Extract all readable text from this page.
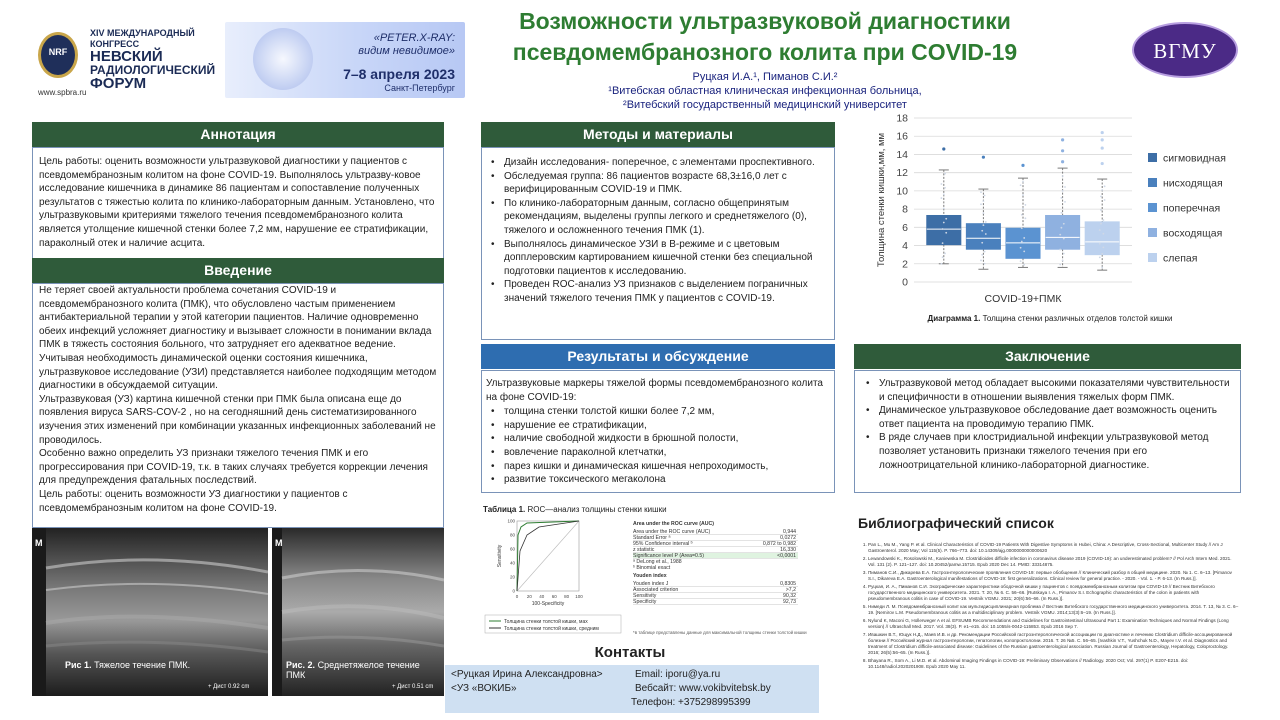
NRF
XIV МЕЖДУНАРОДНЫЙ КОНГРЕСС
НЕВСКИЙ
РАДИОЛОГИЧЕСКИЙ
ФОРУМ
www.spbra.ru
«PETER.X-RAY:
видим невидимое»
7–8 апреля 2023
Санкт-Петербург
Возможности ультразвуковой диагностики
псевдомембранозного колита при COVID-19
Руцкая И.А.¹, Пиманов С.И.²
¹Витебская областная клиническая инфекционная больница,
²Витебский государственный медицинский университет
ВГМУ
Аннотация
Цель работы: оценить возможности ультразвуковой диагностики у пациентов с псевдомембранозным колитом на фоне COVID-19. Выполнялось ультразву-ковое исследование кишечника в динамике 86 пациентам и сопоставление полученных результатов с тяжестью колита по клинико-лабораторным данным. Установлено, что ультразвуковыми критериями тяжелого течения псевдомембранозного колита является утолщение кишечной стенки более 7,2 мм, нарушение ее стратификации, параколный отек и наличие асцита.
Введение
Не теряет своей актуальности проблема сочетания COVID-19 и псевдомембранозного колита (ПМК), что обусловлено частым применением антибактериальной терапии у этой категории пациентов. Наличие одновременно обеих инфекций усложняет диагностику и вызывает сложности в понимании вклада ПМК в тяжесть состояния больного, что затрудняет его адекватное ведение. Учитывая необходимость динамической оценки состояния кишечника, ультразвуковое исследование (УЗИ) представляется наиболее подходящим методом диагностики в обсуждаемой ситуации.
Ультразвуковая (УЗ) картина кишечной стенки при ПМК была описана еще до появления вируса SARS-COV-2 , но на сегодняшний день систематизированного изучения этих изменений при комбинации указанных инфекционных заболеваний не проводилось.
Особенно важно определить УЗ признаки тяжелого течения ПМК и его прогрессирования при COVID-19, т.к. в таких случаях требуется коррекции лечения для предупреждения фатальных последствий.
Цель работы: оценить возможности УЗ диагностики у пациентов с псевдомембранозным колитом на фоне COVID-19.
M
Рис 1. Тяжелое течение ПМК.
+ Дист 0.92 cm
M
Рис. 2. Среднетяжелое течение ПМК
+ Дист 0.51 cm
Методы и материалы
• Дизайн исследования- поперечное, с элементами проспективного.
• Обследуемая группа: 86 пациентов возрасте 68,3±16,0 лет с верифицированным COVID-19 и ПМК.
• По клинико-лабораторным данным, согласно общепринятым рекомендациям, выделены группы легкого и среднетяжелого (0), тяжелого и осложненного течения ПМК (1).
• Выполнялось динамическое УЗИ в В-режиме и с цветовым допплеровским картированием кишечной стенки без специальной подготовки пациентов к исследованию.
• Проведен ROC-анализ УЗ признаков с выделением пограничных значений тяжелого течения ПМК у пациентов с COVID-19.
Результаты и обсуждение
Ультразвуковые маркеры тяжелой формы псевдомембранозного колита на фоне COVID-19:
• толщина стенки толстой кишки более 7,2 мм,
• нарушение ее стратификации,
• наличие свободной жидкости в брюшной полости,
• вовлечение параколной клетчатки,
• парез кишки и динамическая кишечная непроходимость,
• развитие токсического мегаколона
Таблица 1. ROC—анализ толщины стенки кишки
0
0
20
20
40
40
60
60
80
80
100
100
100-Specificity
Sensitivity
Толщина стенки толстой кишки, мах
Толщина стенки толстой кишки, средним
Area under the ROC curve (AUC)
Area under the ROC curve (AUC)	0,944
Standard Error ᵃ	0,0272
95% Confidence interval ᵇ	0,872 to 0,982
z statistic	16,330
Significance level P (Area=0.5)	<0,0001
ᵃ DeLong et al., 1988
ᵇ Binomial exact
Youden index
Youden index J	0,8305
Associated criterion	>7,2
Sensitivity	90,32
Specificity	92,73
*в таблице представлены данные для максимальной толщины стенки толстой кишки
Контакты
<Руцкая Ирина Александровна>
<УЗ «ВОКИБ»
Email: iporu@ya.ru
Вебсайт: www.vokibvitebsk.by
Телефон: +375298995399
0
2
4
6
8
10
12
14
16
18
Толщина стенки кишки,мм, мм
COVID-19+ПМК
сигмовидная
нисходящая
поперечная
восходящая
слепая
Диаграмма 1. Толщина стенки различных отделов толстой кишки
Заключение
• Ультразвуковой метод обладает высокими показателями чувствительности и специфичности в отношении выявления тяжелых форм ПМК.
• Динамическое ультразвуковое обследование дает возможность оценить ответ пациента на проводимую терапию ПМК.
• В ряде случаев при клостридиальной инфекции ультразвуковой метод позволяет установить признаки тяжелого течения при его ложноотрицательной клинико-лабораторной диагностике.
Библиографический список
1. Pan L., Mu M., Yang P. et al. Clinical Characteristics of COVID-19 Patients With Digestive Symptoms in Hubei, China: A Descriptive, Cross-Sectional, Multicenter Study // Am J Gastroenterol. 2020 May; Vol 115(5). P. 766–773. doi: 10.14309/ajg.0000000000000620
2. Lewandowski K., Rosolowski M., Kaniewska M. Clostridioides difficile infection in coronavirus disease 2019 (COVID-19): an underestimated problem? // Pol Arch Intern Med. 2021. Vol. 131 (2). P. 121–127. doi: 10.20452/pamw.15715. Epub 2020 Dec 14. PMID: 33314875.
3. Пиманов С.И., Дикарева Е.А. Гастроэнтерологические проявления COVID-19: первые обобщения // Клинический разбор в общей медицине. 2020. № 1. С. 6–13. [Pimanov S.I., Dikareva E.A. Gastroenterological manifestations of COVID-19: first generalizations. Clinical review for general practice. - 2020. - Vol. 1. - P. 6-13. (In Russ.)].
4. Руцкая, И. А., Пиманов С.И. Эхографические характеристики ободочной кишки у пациентов с псевдомембранозным колитом при COVID-19 // Вестник Витебского государственного медицинского университета. 2021. Т. 20, № 6. С. 56–66. [Rutskaya I. A., Pimanov S.I. Echographic characteristics of the colon in patients with pseudomembranous colitis in case of COVID-19. Vestnik VGMU. 2021; 20(6):56–66. (In Russ.)].
5. Нимеди Л. М. Псевдомембранозный колит как мультидисциплинарная проблема // Вестник Витебского государственного медицинского университета. 2014. Т. 13, № 3. С. 6–19. [Nemirov L.M. Pseudomembranous colitis as a multidisciplinary problem. Vestnik VGMU. 2014;13(3):6–19. (In Russ.)].
6. Nylund K, Maconi G, Hollerweger A et al. EFSUMB Recommendations and Guidelines for Gastrointestinal Ultrasound Part 1: Examination Techniques and Normal Findings (Long version) // Ultraschall Med. 2017. Vol. 38(3). P. e1–e15. doi: 10.1055/s-0042-115853. Epub 2016 Sep 7.
7. Ивашкин В.Т., Ющук Н.Д., Маев И.В. и др. Рекомендации Российской гастроэнтерологической ассоциации по диагностике и лечению Clostridium difficile-ассоциированной болезни // Российский журнал гастроэнтерологии, гепатологии, колопроктологии. 2016. Т. 26 №5. С. 56–65. [Ivashkin V.T., Yushchuk N.D., Mayev I.V. et al. Diagnostics and treatment of Clostridium difficile-associated disease: Guidelines of the Russian gastroenterological association. Russian Journal of Gastroenterology, Hepatology, Coloproctology. 2016; 26(5):56–65. (In Russ.)].
8. Bhayana R., Som A., Li M.D. et al. Abdominal Imaging Findings in COVID-19: Preliminary Observations // Radiology. 2020 Oct; Vol. 297(1) P. E207-E215. doi: 10.1148/radiol.2020201908. Epub 2020 May 11.
